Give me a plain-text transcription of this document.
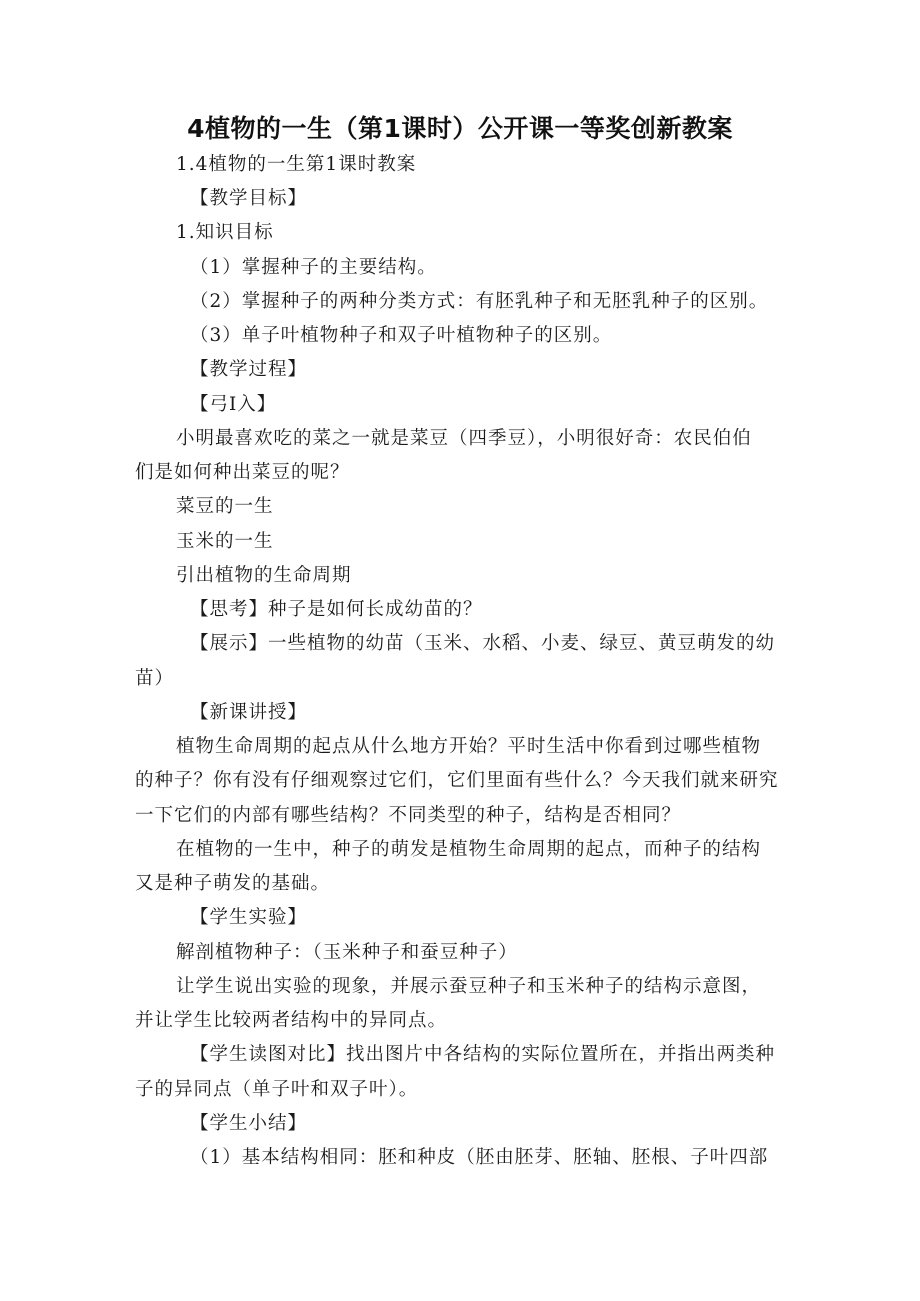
4植物的一生（第1课时）公开课一等奖创新教案
1.4植物的一生第1课时教案
【教学目标】
1.知识目标
（1）掌握种子的主要结构。
（2）掌握种子的两种分类方式：有胚乳种子和无胚乳种子的区别。
（3）单子叶植物种子和双子叶植物种子的区别。
【教学过程】
【弓I入】
小明最喜欢吃的菜之一就是菜豆（四季豆），小明很好奇：农民伯伯
们是如何种出菜豆的呢？
菜豆的一生
玉米的一生
引出植物的生命周期
【思考】种子是如何长成幼苗的？
【展示】一些植物的幼苗（玉米、水稻、小麦、绿豆、黄豆萌发的幼
苗）
【新课讲授】
植物生命周期的起点从什么地方开始？平时生活中你看到过哪些植物
的种子？你有没有仔细观察过它们，它们里面有些什么？今天我们就来研究
一下它们的内部有哪些结构？不同类型的种子，结构是否相同？
在植物的一生中，种子的萌发是植物生命周期的起点，而种子的结构
又是种子萌发的基础。
【学生实验】
解剖植物种子：（玉米种子和蚕豆种子）
让学生说出实验的现象，并展示蚕豆种子和玉米种子的结构示意图，
并让学生比较两者结构中的异同点。
【学生读图对比】找出图片中各结构的实际位置所在，并指出两类种
子的异同点（单子叶和双子叶）。
【学生小结】
（1）基本结构相同：胚和种皮（胚由胚芽、胚轴、胚根、子叶四部
